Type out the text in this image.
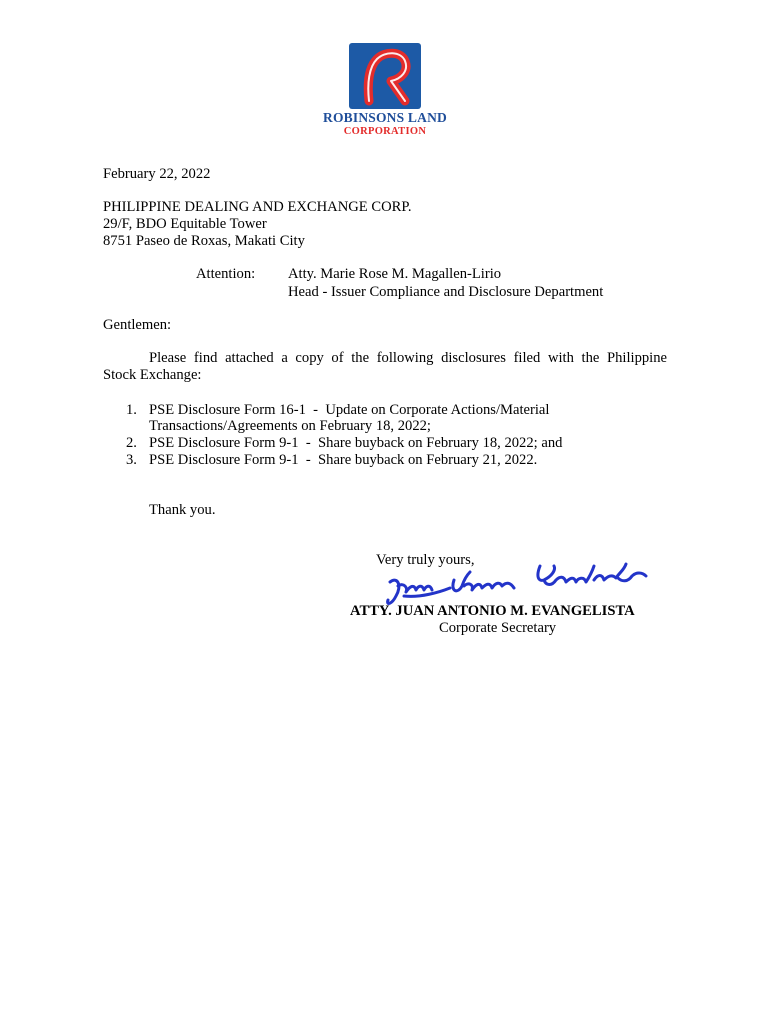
ROBINSONS LAND
CORPORATION
February 22, 2022
PHILIPPINE DEALING AND EXCHANGE CORP.
29/F, BDO Equitable Tower
8751 Paseo de Roxas, Makati City
Attention: Atty. Marie Rose M. Magallen-Lirio
Head - Issuer Compliance and Disclosure Department
Gentlemen:
Please find attached a copy of the following disclosures filed with the Philippine
Stock Exchange:
1. PSE Disclosure Form 16-1  -  Update on Corporate Actions/Material
Transactions/Agreements on February 18, 2022;
2. PSE Disclosure Form 9-1  -  Share buyback on February 18, 2022; and
3. PSE Disclosure Form 9-1  -  Share buyback on February 21, 2022.
Thank you.
Very truly yours,
ATTY. JUAN ANTONIO M. EVANGELISTA
Corporate Secretary
